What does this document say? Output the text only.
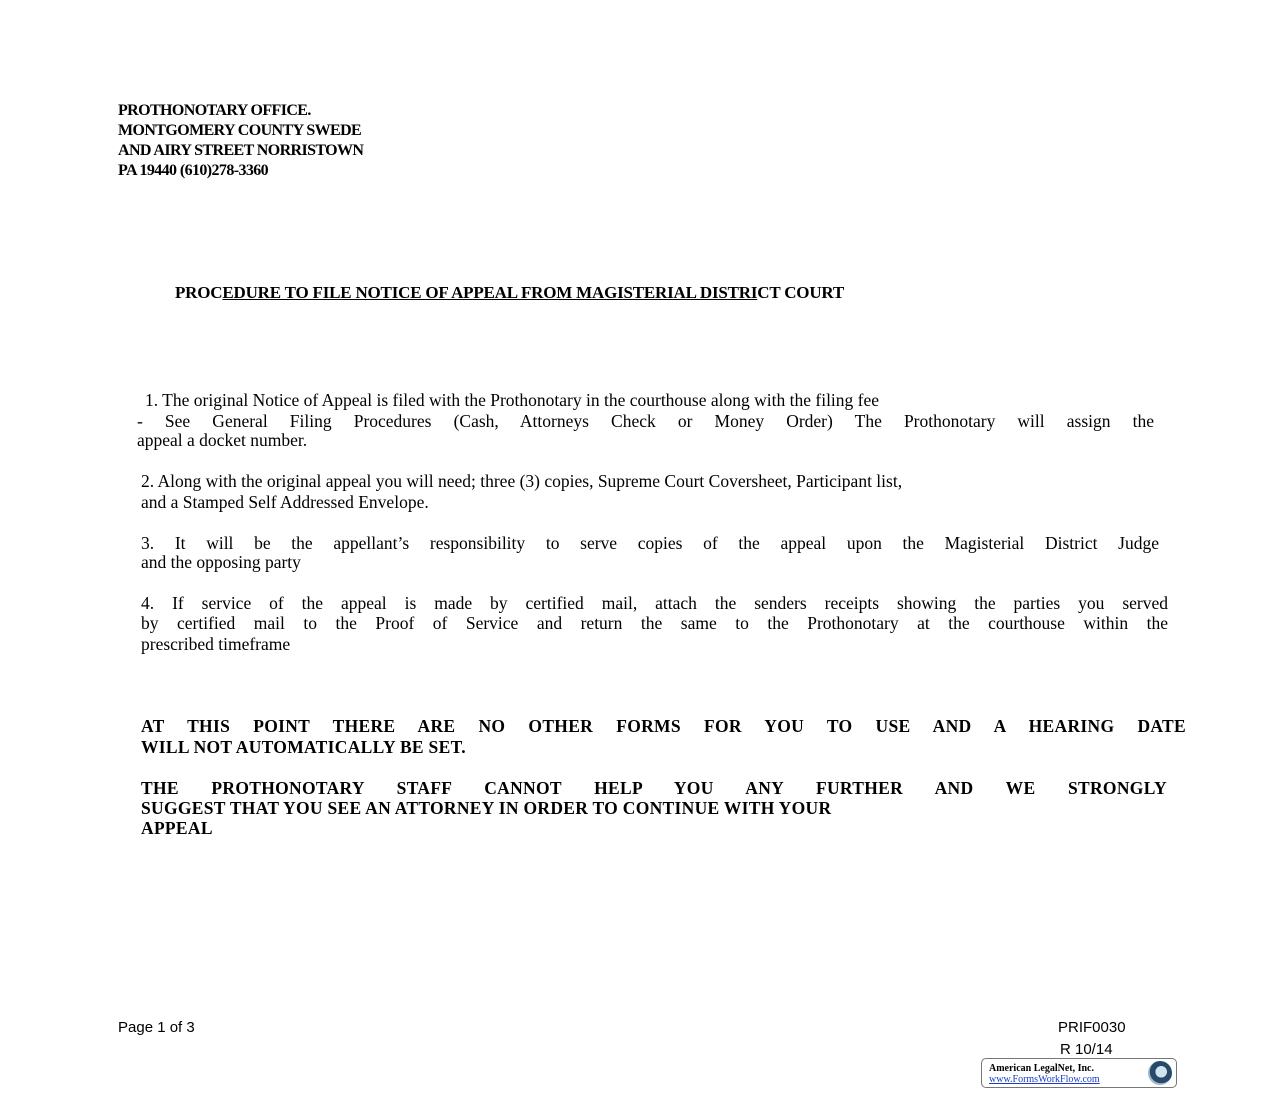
PROTHONOTARY OFFICE.
MONTGOMERY COUNTY SWEDE
AND AIRY STREET NORRISTOWN
PA 19440 (610)278-3360
PROCEDURE TO FILE NOTICE OF APPEAL FROM MAGISTERIAL DISTRICT COURT
1. The original Notice of Appeal is filed with the Prothonotary in the courthouse along with the filing fee
- See General Filing Procedures (Cash, Attorneys Check or Money Order) The Prothonotary will assign the
appeal a docket number.
2. Along with the original appeal you will need; three (3) copies, Supreme Court Coversheet, Participant list,
and a Stamped Self Addressed Envelope.
3. It will be the appellant’s responsibility to serve copies of the appeal upon the Magisterial District Judge
and the opposing party
4. If service of the appeal is made by certified mail, attach the senders receipts showing the parties you served
by certified mail to the Proof of Service and return the same to the Prothonotary at the courthouse within the
prescribed timeframe
AT THIS POINT THERE ARE NO OTHER FORMS FOR YOU TO USE AND A HEARING DATE
WILL NOT AUTOMATICALLY BE SET.
THE PROTHONOTARY STAFF CANNOT HELP YOU ANY FURTHER AND WE STRONGLY
SUGGEST THAT YOU SEE AN ATTORNEY IN ORDER TO CONTINUE WITH YOUR
APPEAL
Page 1 of 3	PRIF0030
R 10/14
American LegalNet, Inc.
www.FormsWorkFlow.com
